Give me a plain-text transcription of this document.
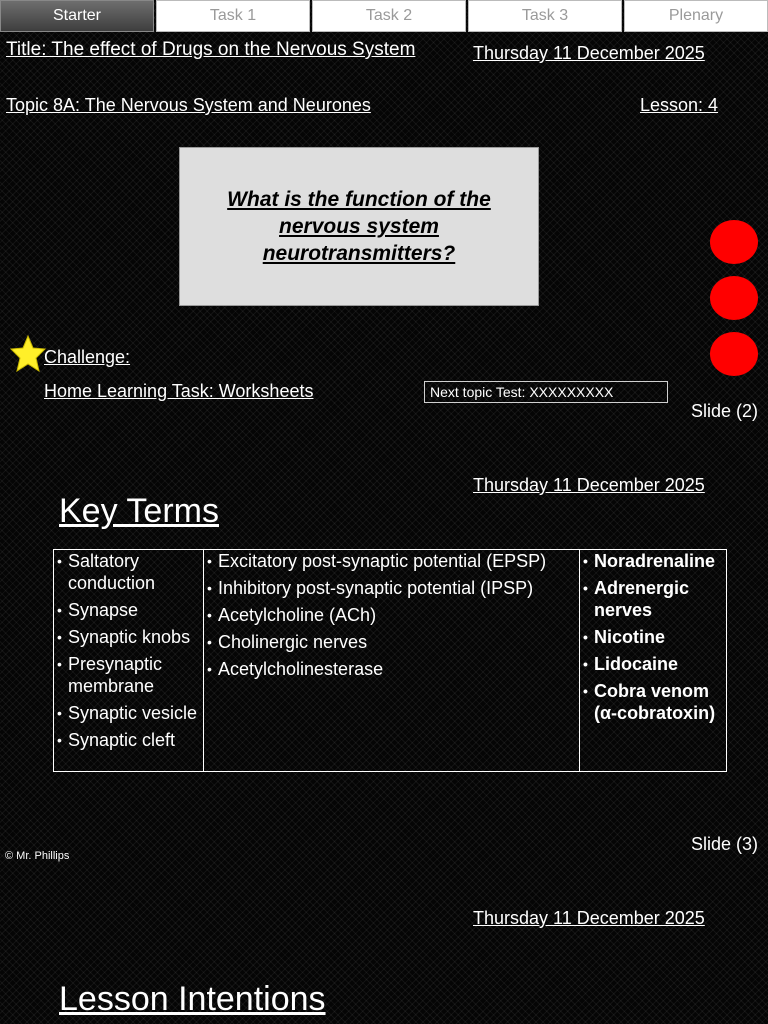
Starter	Task 1	Task 2	Task 3	Plenary
Title: The effect of Drugs on the Nervous System	Thursday 11 December 2025
Topic 8A: The Nervous System and Neurones	Lesson: 4
What is the function of the nervous system neurotransmitters?
Challenge:
Home Learning Task: Worksheets	Next topic Test: XXXXXXXXX
Slide (2)
Thursday 11 December 2025
Key Terms
• Saltatory conduction
• Synapse
• Synaptic knobs
• Presynaptic membrane
• Synaptic vesicle
• Synaptic cleft

• Excitatory post-synaptic potential (EPSP)
• Inhibitory post-synaptic potential (IPSP)
• Acetylcholine (ACh)
• Cholinergic nerves
• Acetylcholinesterase

• Noradrenaline
• Adrenergic nerves
• Nicotine
• Lidocaine
• Cobra venom (α-cobratoxin)
Slide (3)
© Mr. Phillips
Thursday 11 December 2025
Lesson Intentions
